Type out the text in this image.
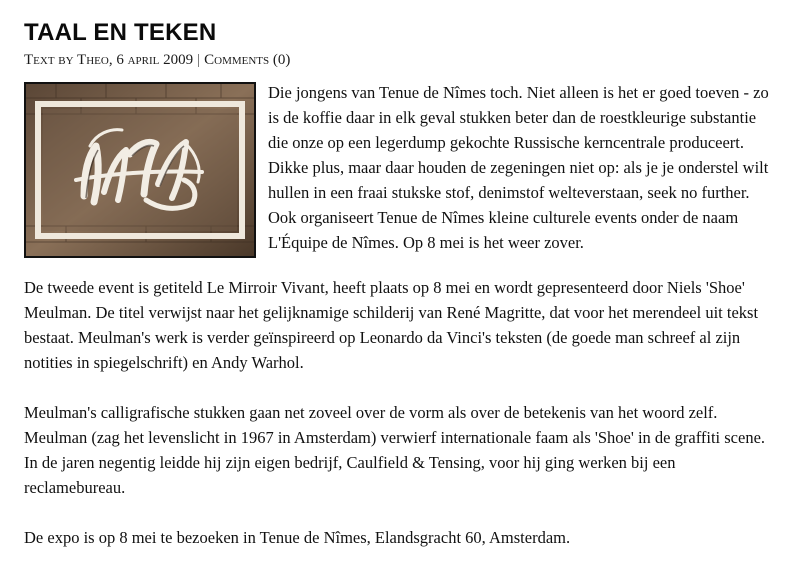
TAAL EN TEKEN
Text by Theo, 6 april 2009 | Comments (0)

Die jongens van Tenue de Nîmes toch. Niet alleen is het er goed toeven - zo is de koffie daar in elk geval stukken beter dan de roestkleurige substantie die onze op een legerdump gekochte Russische kerncentrale produceert. Dikke plus, maar daar houden de zegeningen niet op: als je je onderstel wilt hullen in een fraai stukske stof, denimstof welteverstaan, seek no further. Ook organiseert Tenue de Nîmes kleine culturele events onder de naam L'Équipe de Nîmes. Op 8 mei is het weer zover.

De tweede event is getiteld Le Mirroir Vivant, heeft plaats op 8 mei en wordt gepresenteerd door Niels 'Shoe' Meulman. De titel verwijst naar het gelijknamige schilderij van René Magritte, dat voor het merendeel uit tekst bestaat. Meulman's werk is verder geïnspireerd op Leonardo da Vinci's teksten (de goede man schreef al zijn notities in spiegelschrift) en Andy Warhol.

Meulman's calligrafische stukken gaan net zoveel over de vorm als over de betekenis van het woord zelf. Meulman (zag het levenslicht in 1967 in Amsterdam) verwierf internationale faam als 'Shoe' in de graffiti scene. In de jaren negentig leidde hij zijn eigen bedrijf, Caulfield & Tensing, voor hij ging werken bij een reclamebureau.

De expo is op 8 mei te bezoeken in Tenue de Nîmes, Elandsgracht 60, Amsterdam.
